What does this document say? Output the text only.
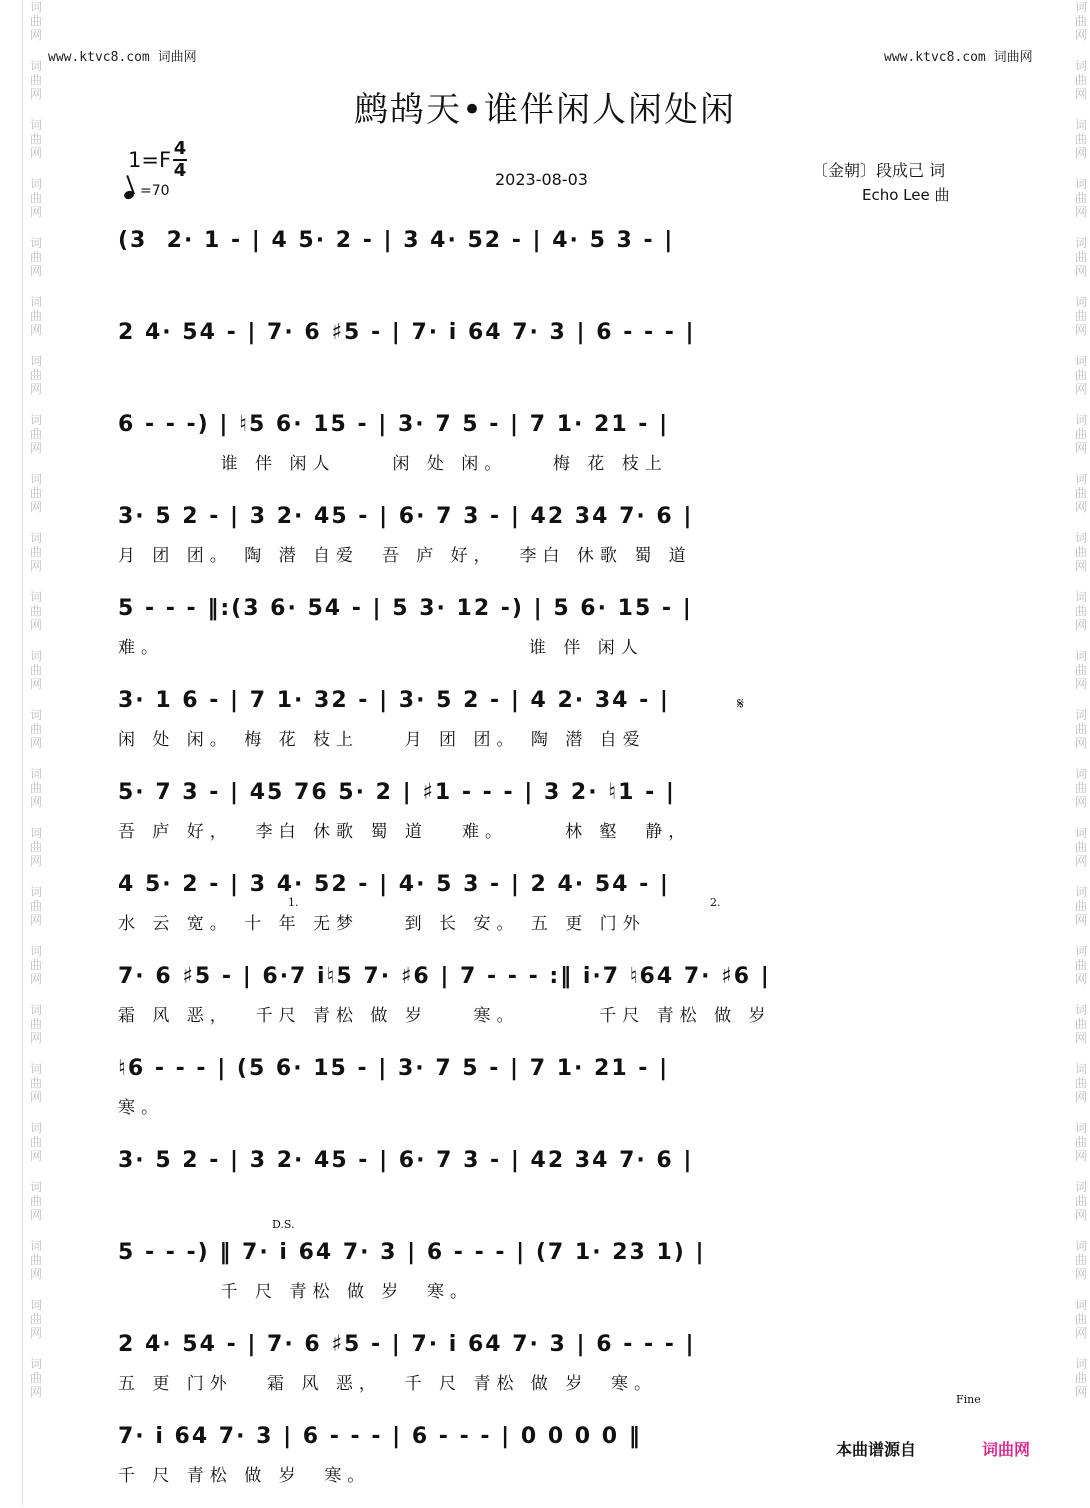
词
曲
网
词
曲
网
词
曲
网
词
曲
网
词
曲
网
词
曲
网
词
曲
网
词
曲
网
词
曲
网
词
曲
网
词
曲
网
词
曲
网
词
曲
网
词
曲
网
词
曲
网
词
曲
网
词
曲
网
词
曲
网
词
曲
网
词
曲
网
词
曲
网
词
曲
网
词
曲
网
词
曲
网
词
曲
网
词
曲
网
词
曲
网
词
曲
网
词
曲
网
词
曲
网
词
曲
网
词
曲
网
词
曲
网
词
曲
网
词
曲
网
词
曲
网
词
曲
网
词
曲
网
词
曲
网
词
曲
网
词
曲
网
词
曲
网
词
曲
网
词
曲
网
词
曲
网
词
曲
网
词
曲
网
词
曲
网
www.ktvc8.com 词曲网	www.ktvc8.com 词曲网
鹧鸪天•谁伴闲人闲处闲
2023-08-03
$1=F \frac{4}{4}$
=70
〔金朝〕段成己 词
Echo Lee 曲
(3  2· 1 - | 4 5· 2 - | 3 4· 52 - | 4· 5 3 - |
2 4· 54 - | 7· 6 ♯5 - | 7· i 64 7· 3 | 6 - - - |
6 - - -) | ♮5 6· 15 - | 3· 7 5 - | 7 1· 21 - |
谁 伴 闲人     闲 处 闲。    梅 花 枝上
3· 5 2 - | 3 2· 45 - | 6· 7 3 - | 42 34 7· 6 |
月 团 团。 陶 潜 自爱  吾 庐 好，  李白 休歌 蜀 道
5 - - - ‖:(3 6· 54 - | 5 3· 12 -) | 5 6· 15 - |
难。                                谁 伴 闲人
3· 1 6 - | 7 1· 32 - | 3· 5 2 - | 4 2· 34 - |
闲 处 闲。 梅 花 枝上    月 团 团。 陶 潜 自爱
5· 7 3 - | 45 76 5· 2 | ♯1 - - - | 3 2· ♮1 - |
吾 庐 好，  李白 休歌 蜀 道   难。     林 壑  静，
4 5· 2 - | 3 4· 52 - | 4· 5 3 - | 2 4· 54 - |
水 云 宽。 十 年 无梦    到 长 安。 五 更 门外
7· 6 ♯5 - | 6·7 i♮5 7· ♯6 | 7 - - - :‖ i·7 ♮64 7· ♯6 |
霜 风 恶，  千尺 青松 做 岁    寒。       千尺 青松 做 岁
♮6 - - - | (5 6· 15 - | 3· 7 5 - | 7 1· 21 - |
寒。
3· 5 2 - | 3 2· 45 - | 6· 7 3 - | 42 34 7· 6 |
5 - - -) ‖ 7· i 64 7· 3 | 6 - - - | (7 1· 23 1) |
千 尺 青松 做 岁  寒。
2 4· 54 - | 7· 6 ♯5 - | 7· i 64 7· 3 | 6 - - - |
五 更 门外   霜 风 恶，  千 尺 青松 做 岁  寒。
7· i 64 7· 3 | 6 - - - | 6 - - - | 0 0 0 0 ‖
千 尺 青松 做 岁  寒。
D.S.
Fine
𝄋
1.	2.
本曲谱源自	词曲网
